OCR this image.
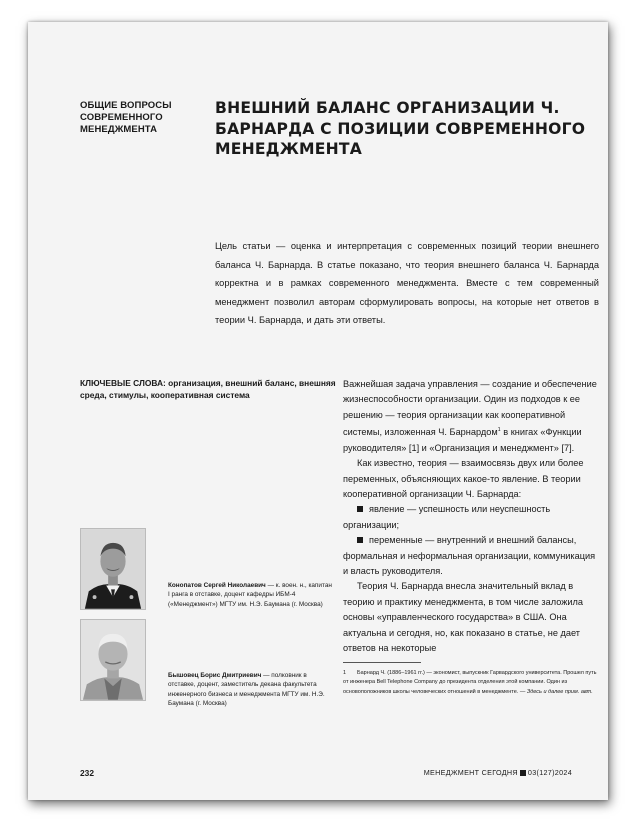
ОБЩИЕ ВОПРОСЫ СОВРЕМЕННОГО МЕНЕДЖМЕНТА
ВНЕШНИЙ БАЛАНС ОРГАНИЗАЦИИ Ч. БАРНАРДА С ПОЗИЦИИ СОВРЕМЕННОГО МЕНЕДЖМЕНТА

Цель статьи — оценка и интерпретация с современных позиций теории внешнего баланса Ч. Барнарда. В статье показано, что теория внешнего баланса Ч. Барнарда корректна и в рамках современного менеджмента. Вместе с тем современный менеджмент позволил авторам сформулировать вопросы, на которые нет ответов в теории Ч. Барнарда, и дать эти ответы.

КЛЮЧЕВЫЕ СЛОВА: организация, внешний баланс, внешняя среда, стимулы, кооперативная система
Конопатов Сергей Николаевич — к. воен. н., капитан I ранга в отставке, доцент кафедры ИБМ-4 («Менеджмент») МГТУ им. Н.Э. Баумана (г. Москва)
Бышовец Борис Дмитриевич — полковник в отставке, доцент, заместитель декана факультета инженерного бизнеса и менеджмента МГТУ им. Н.Э. Баумана (г. Москва)

Важнейшая задача управления — создание и обеспечение жизнеспособности организации. Один из подходов к ее решению — теория организации как кооперативной системы, изложенная Ч. Барнардом$^1$ в книгах «Функции руководителя» [1] и «Организация и менеджмент» [7].

Как известно, теория — взаимосвязь двух или более переменных, объясняющих какое-то явление. В теории кооперативной организации Ч. Барнарда:

явление — успешность или неуспешность организации;

переменные — внутренний и внешний балансы, формальная и неформальная организации, коммуникация и власть руководителя.

Теория Ч. Барнарда внесла значительный вклад в теорию и практику менеджмента, в том числе заложила основы «управленческого государства» в США. Она актуальна и сегодня, но, как показано в статье, не дает ответов на некоторые

1 Барнард Ч. (1886–1961 гг.) — экономист, выпускник Гарвардского университета. Прошел путь от инженера Bell Telephone Company до президента отделения этой компании. Один из основоположников школы человеческих отношений в менеджменте. — Здесь и далее прим. авт.
232	МЕНЕДЖМЕНТ СЕГОДНЯ 03(127)2024
